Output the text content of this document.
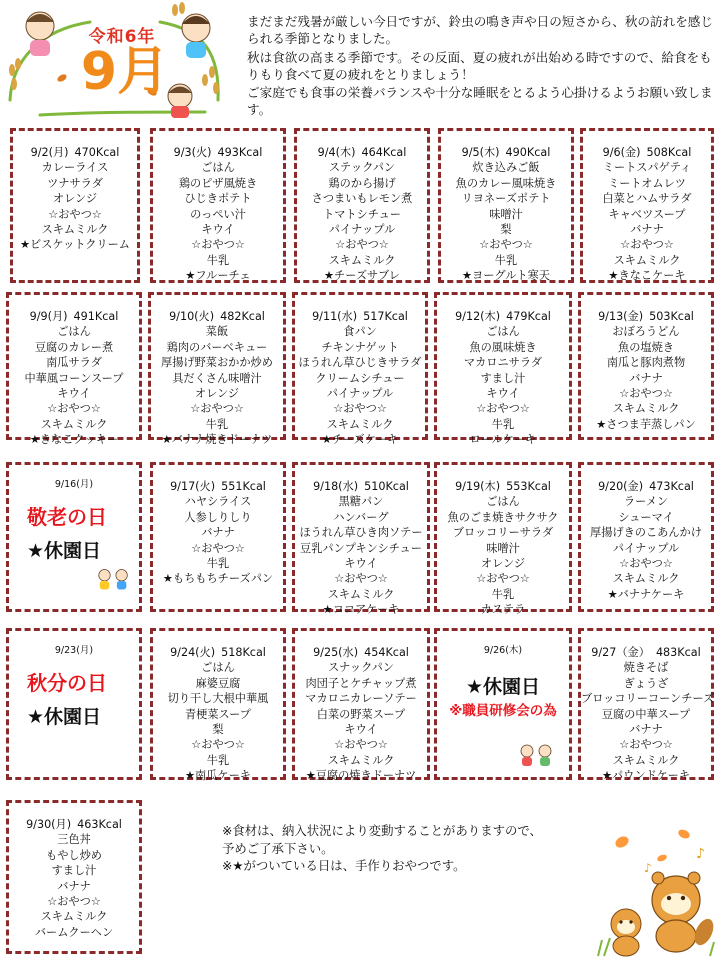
令和6年
9月

まだまだ残暑が厳しい今日ですが、鈴虫の鳴き声や日の短さから、秋の訪れを感じられる季節となりました。

秋は食欲の高まる季節です。その反面、夏の疲れが出始める時ですので、給食をもりもり食べて夏の疲れをとりましょう！

ご家庭でも食事の栄養バランスや十分な睡眠をとるよう心掛けるようお願い致します。

9/2(月) 470Kcal
カレーライス
ツナサラダ
オレンジ
☆おやつ☆
スキムミルク
★ビスケットクリーム
9/3(火) 493Kcal
ごはん
鶏のピザ風焼き
ひじきポテト
のっぺい汁
キウイ
☆おやつ☆
牛乳
★フルーチェ
9/4(木) 464Kcal
ステックパン
鶏のから揚げ
さつまいもレモン煮
トマトシチュー
パイナップル
☆おやつ☆
スキムミルク
★チーズサブレ
9/5(木) 490Kcal
炊き込みご飯
魚のカレー風味焼き
リヨネーズポテト
味噌汁
梨
☆おやつ☆
牛乳
★ヨーグルト寒天
9/6(金) 508Kcal
ミートスパゲティ
ミートオムレツ
白菜とハムサラダ
キャベツスープ
バナナ
☆おやつ☆
スキムミルク
★きなこケーキ
9/9(月) 491Kcal
ごはん
豆腐のカレー煮
南瓜サラダ
中華風コーンスープ
キウイ
☆おやつ☆
スキムミルク
★きなこクッキー
9/10(火) 482Kcal
菜飯
鶏肉のバーベキュー
厚揚げ野菜おかか炒め
具だくさん味噌汁
オレンジ
☆おやつ☆
牛乳
★バナナ焼きドーナツ
9/11(水) 517Kcal
食パン
チキンナゲット
ほうれん草ひじきサラダ
クリームシチュー
パイナップル
☆おやつ☆
スキムミルク
★チーズケーキ
9/12(木) 479Kcal
ごはん
魚の風味焼き
マカロニサラダ
すまし汁
キウイ
☆おやつ☆
牛乳
ロールケーキ
9/13(金) 503Kcal
おぼろうどん
魚の塩焼き
南瓜と豚肉煮物
バナナ
☆おやつ☆
スキムミルク
★さつま芋蒸しパン
9/16(月)
敬老の日
★休園日
9/17(火) 551Kcal
ハヤシライス
人参しりしり
バナナ
☆おやつ☆
牛乳
★もちもちチーズパン
9/18(水) 510Kcal
黒糖パン
ハンバーグ
ほうれん草ひき肉ソテー
豆乳パンプキンシチュー
キウイ
☆おやつ☆
スキムミルク
★ココアケーキ
9/19(木) 553Kcal
ごはん
魚のごま焼きサクサク
ブロッコリーサラダ
味噌汁
オレンジ
☆おやつ☆
牛乳
カステラ
9/20(金) 473Kcal
ラーメン
シューマイ
厚揚げきのこあんかけ
パイナップル
☆おやつ☆
スキムミルク
★バナナケーキ
9/23(月)
秋分の日
★休園日
9/24(火) 518Kcal
ごはん
麻婆豆腐
切り干し大根中華風
青梗菜スープ
梨
☆おやつ☆
牛乳
★南瓜ケーキ
9/25(水) 454Kcal
スナックパン
肉団子とケチャップ煮
マカロニカレーソテー
白菜の野菜スープ
キウイ
☆おやつ☆
スキムミルク
★豆腐の焼きドーナツ
9/26(木)
★休園日
※職員研修会の為
9/27（金） 483Kcal
焼きそば
ぎょうざ
ブロッコリーコーンチーズ
豆腐の中華スープ
バナナ
☆おやつ☆
スキムミルク
★パウンドケーキ
9/30(月) 463Kcal
三色丼
もやし炒め
すまし汁
バナナ
☆おやつ☆
スキムミルク
バームクーヘン

※食材は、納入状況により変動することがありますので、

予めご了承下さい。

※★がついている日は、手作りおやつです。

♪
♪
